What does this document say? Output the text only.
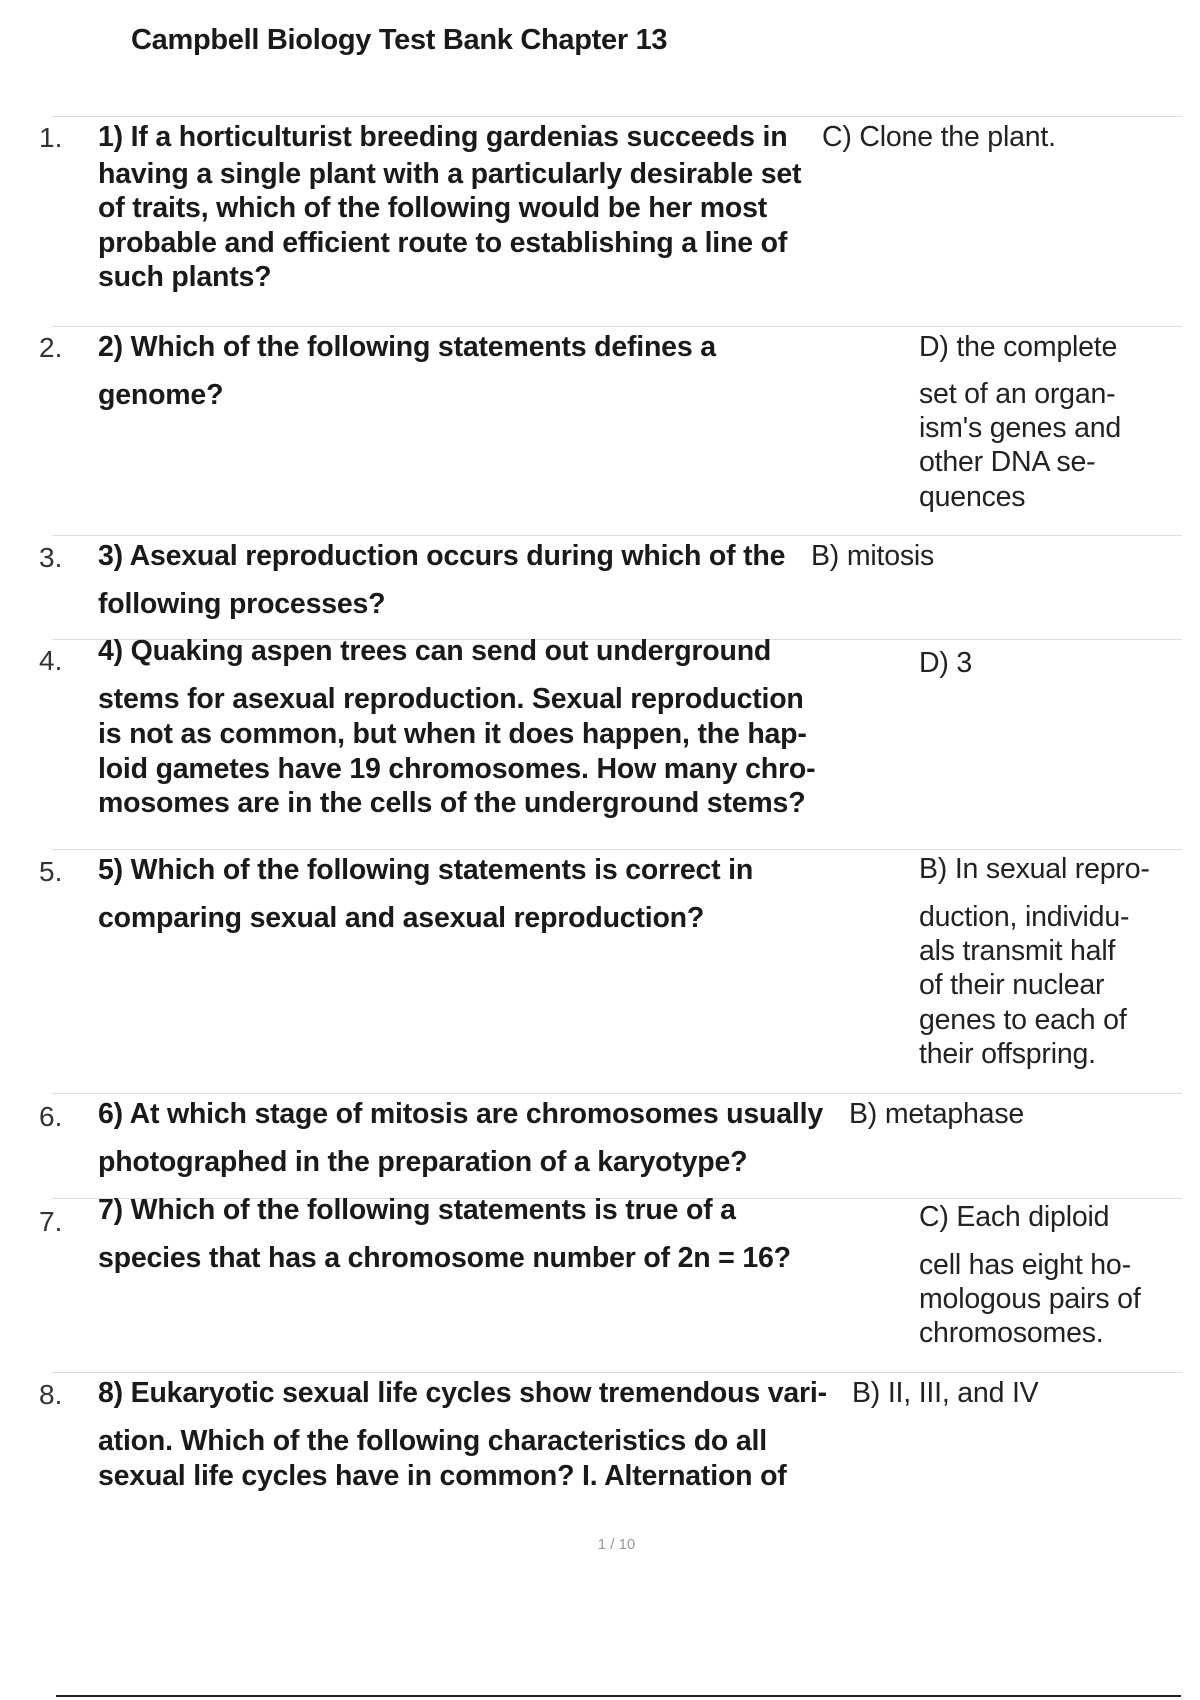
Campbell Biology Test Bank Chapter 13
1. 1) If a horticulturist breeding gardenias succeeds in
having a single plant with a particularly desirable set
of traits, which of the following would be her most
probable and efficient route to establishing a line of
such plants?
C) Clone the plant.
2. 2) Which of the following statements defines a
genome?
D) the complete
set of an organ-
ism's genes and
other DNA se-
quences
3. 3) Asexual reproduction occurs during which of the
following processes?
B) mitosis
4. 4) Quaking aspen trees can send out underground
stems for asexual reproduction. Sexual reproduction
is not as common, but when it does happen, the hap-
loid gametes have 19 chromosomes. How many chro-
mosomes are in the cells of the underground stems?
D) 3
5. 5) Which of the following statements is correct in
comparing sexual and asexual reproduction?
B) In sexual repro-
duction, individu-
als transmit half
of their nuclear
genes to each of
their offspring.
6. 6) At which stage of mitosis are chromosomes usually
photographed in the preparation of a karyotype?
B) metaphase
7. 7) Which of the following statements is true of a
species that has a chromosome number of 2n = 16?
C) Each diploid
cell has eight ho-
mologous pairs of
chromosomes.
8. 8) Eukaryotic sexual life cycles show tremendous vari-
ation. Which of the following characteristics do all
sexual life cycles have in common? I. Alternation of
B) II, III, and IV
1 / 10
